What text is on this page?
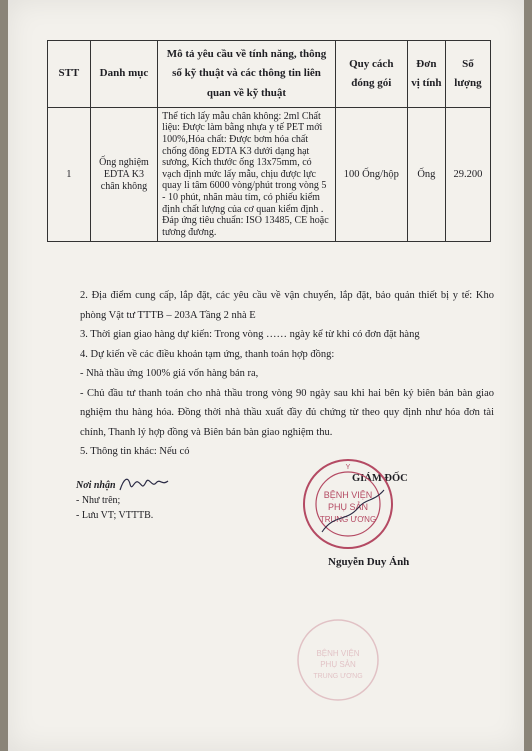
STT	Danh mục	Mô tả yêu cầu về tính năng, thông số kỹ thuật và các thông tin liên quan về kỹ thuật	Quy cách đóng gói	Đơn vị tính	Số lượng
1	Ống nghiệm EDTA K3 chân không	Thể tích lấy mẫu chân không: 2ml Chất liệu: Được làm bằng nhựa y tế PET mới 100%,Hóa chất: Được bơm hóa chất chống đông EDTA K3 dưới dạng hạt sương, Kích thước ống 13x75mm, có vạch định mức lấy mẫu, chịu được lực quay li tâm 6000 vòng/phút trong vòng 5 - 10 phút, nhãn màu tím, có phiếu kiểm định chất lượng của cơ quan kiểm định . Đáp ứng tiêu chuẩn: ISO 13485, CE hoặc tương đương.	100 Ống/hộp	Ống	29.200

2. Địa điểm cung cấp, lắp đặt, các yêu cầu về vận chuyển, lắp đặt, bảo quản thiết bị y tế: Kho phòng Vật tư TTTB – 203A Tầng 2 nhà E

3. Thời gian giao hàng dự kiến: Trong vòng …… ngày kể từ khi có đơn đặt hàng

4. Dự kiến về các điều khoản tạm ứng, thanh toán hợp đồng:

- Nhà thầu ứng 100% giá vốn hàng bán ra,

- Chủ đầu tư thanh toán cho nhà thầu trong vòng 90 ngày sau khi hai bên ký biên bản bàn giao nghiệm thu hàng hóa. Đồng thời nhà thầu xuất đầy đủ chứng từ theo quy định như hóa đơn tài chính, Thanh lý hợp đồng và Biên bản bàn giao nghiệm thu.

5. Thông tin khác: Nếu có

Nơi nhận
- Như trên;
- Lưu VT; VTTTB.
GIÁM ĐỐC
BỆNH VIỆN
PHỤ SẢN
TRUNG ƯƠNG
Y
Nguyễn Duy Ánh
BỆNH VIỆN
PHỤ SẢN
TRUNG ƯƠNG
